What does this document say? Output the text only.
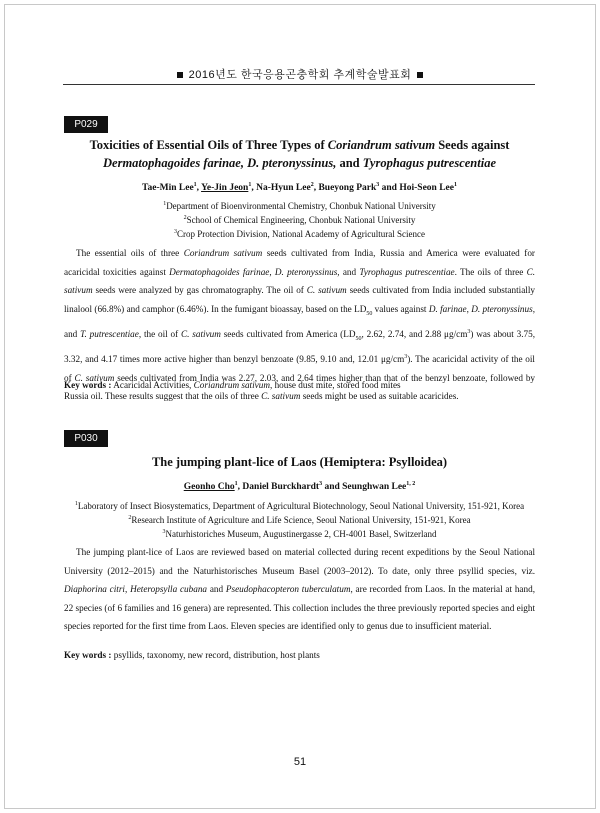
2016년도 한국응용곤충학회 추계학술발표회
P029
Toxicities of Essential Oils of Three Types of Coriandrum sativum Seeds against
Dermatophagoides farinae, D. pteronyssinus, and Tyrophagus putrescentiae
Tae-Min Lee$^1$, Ye-Jin Jeon$^1$, Na-Hyun Lee$^2$, Bueyong Park$^3$ and Hoi-Seon Lee$^1$
$^1$Department of Bioenvironmental Chemistry, Chonbuk National University
$^2$School of Chemical Engineering, Chonbuk National University
$^3$Crop Protection Division, National Academy of Agricultural Science
The essential oils of three Coriandrum sativum seeds cultivated from India, Russia and America were evaluated for acaricidal toxicities against Dermatophagoides farinae, D. pteronyssinus, and Tyrophagus putrescentiae. The oils of three C. sativum seeds were analyzed by gas chromatography. The oil of C. sativum seeds cultivated from India included substantially linalool (66.8%) and camphor (6.46%). In the fumigant bioassay, based on the $LD_{50}$ values against D. farinae, D. pteronyssinus, and T. putrescentiae, the oil of C. sativum seeds cultivated from America ($LD_{50}$, 2.62, 2.74, and 2.88 $\mu g/cm^3$) was about 3.75, 3.32, and 4.17 times more active higher than benzyl benzoate (9.85, 9.10 and, 12.01 $\mu g/cm^3$). The acaricidal activity of the oil of C. sativum seeds cultivated from India was 2.27, 2.03, and 2.64 times higher than that of the benzyl benzoate, followed by Russia oil. These results suggest that the oils of three C. sativum seeds might be used as suitable acaricides.
Key words : Acaricidal Activities, Coriandrum sativum, house dust mite, stored food mites
P030
The jumping plant-lice of Laos (Hemiptera: Psylloidea)
Geonho Cho$^1$, Daniel Burckhardt$^3$ and Seunghwan Lee$^{1, 2}$
$^1$Laboratory of Insect Biosystematics, Department of Agricultural Biotechnology, Seoul National University, 151-921, Korea
$^2$Research Institute of Agriculture and Life Science, Seoul National University, 151-921, Korea
$^3$Naturhistoriches Museum, Augustinergasse 2, CH-4001 Basel, Switzerland
The jumping plant-lice of Laos are reviewed based on material collected during recent expeditions by the Seoul National University (2012–2015) and the Naturhistorisches Museum Basel (2003–2012). To date, only three psyllid species, viz. Diaphorina citri, Heteropsylla cubana and Pseudophacopteron tuberculatum, are recorded from Laos. In the material at hand, 22 species (of 6 families and 16 genera) are represented. This collection includes the three previously reported species and eight species reported for the first time from Laos. Eleven species are identified only to genus due to insufficient material.
Key words : psyllids, taxonomy, new record, distribution, host plants
51
